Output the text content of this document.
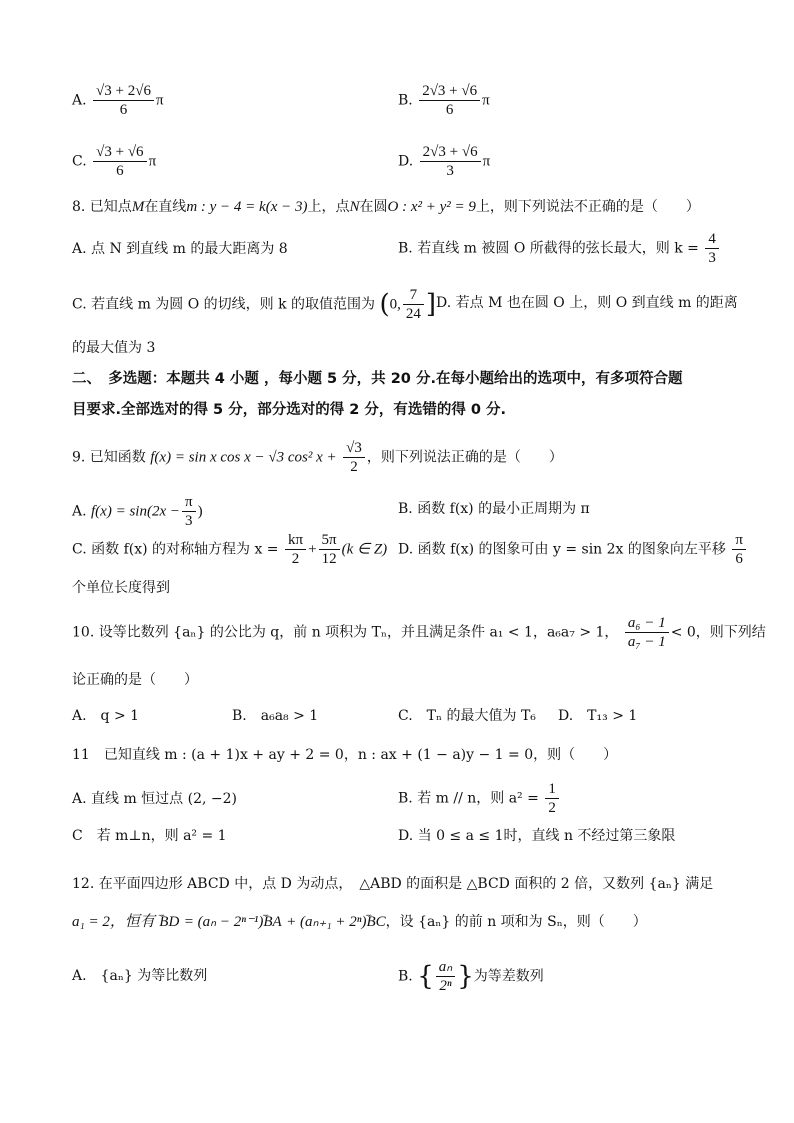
A. $\frac{√3 + 2√6}{6}$ π	B. $\frac{2√3 + √6}{6}$ π
C. $\frac{√3 + √6}{6}$ π	D. $\frac{2√3 + √6}{3}$ π
8. 已知点M在直线m : y − 4 = k(x − 3)上，点N在圆O : x² + y² = 9上，则下列说法不正确的是（　　）
A. 点 N 到直线 m 的最大距离为 8	B. 若直线 m 被圆 O 所截得的弦长最大，则 $k = \frac{4}{3}$
C. 若直线 m 为圆 O 的切线，则 k 的取值范围为 (0, $\frac{7}{24}$ ] D. 若点 M 也在圆 O 上，则 O 到直线 m 的距离
的最大值为 3
二、　多选题：本题共 4 小题 ，每小题 5 分，共 20 分.在每小题给出的选项中，有多项符合题
目要求.全部选对的得 5 分，部分选对的得 2 分，有选错的得 0 分.
9. 已知函数 f(x) = sin x cos x − √3 cos² $x + \frac{√3}{2}$ ，则下列说法正确的是（　　）
A. $f(x) = \sin(2x - \frac{\pi}{3}$ )	B. 函数 f(x) 的最小正周期为 π
C. 函数 f(x) 的对称轴方程为 $x = \frac{k\pi}{2} + \frac{5\pi}{12} (k$ ∈ Z) D. 函数 f(x) 的图象可由 y = sin 2x 的图象向左平移 $\frac{\pi}{6}$
个单位长度得到
10. 设等比数列 {aₙ} 的公比为 q，前 n 项积为 Tₙ，并且满足条件 a₁ < 1，a₆a₇ > 1， $\frac{\text{a₆ − 1}}{\text{a₇ − 1}} < 0$，则下列结
论正确的是（　　）
A.　q > 1	B.　a₆a₈ > 1	C.　Tₙ 的最大值为 T₆ D.　T₁₃ > 1
11　已知直线 m : (a + 1)x + ay + 2 = 0，n : ax + (1 − a)y − 1 = 0，则（　　）
A. 直线 m 恒过点 (2, −2)	B. 若 m // n，则 $a^2 = \frac{1}{2}$
C　若 m⊥n，则 a² = 1	D. 当 0 ≤ a ≤ 1时，直线 n 不经过第三象限
12. 在平面四边形 ABCD 中，点 D 为动点，　△ABD 的面积是 △BCD 面积的 2 倍，又数列 {aₙ} 满足
a₁ = 2，恒有 ꞈꞈꞈ BD = (aₙ − 2ⁿ⁻¹)ꞈꞈꞈ BA + (aₙ₊₁ + 2ⁿ)ꞈꞈꞈ BC，设 {aₙ} 的前 n 项和为 Sₙ，则（　　）
A.　{aₙ} 为等比数列	B. { $\frac{\text{aₙ}}{\text{2ⁿ}}$ }为等差数列
